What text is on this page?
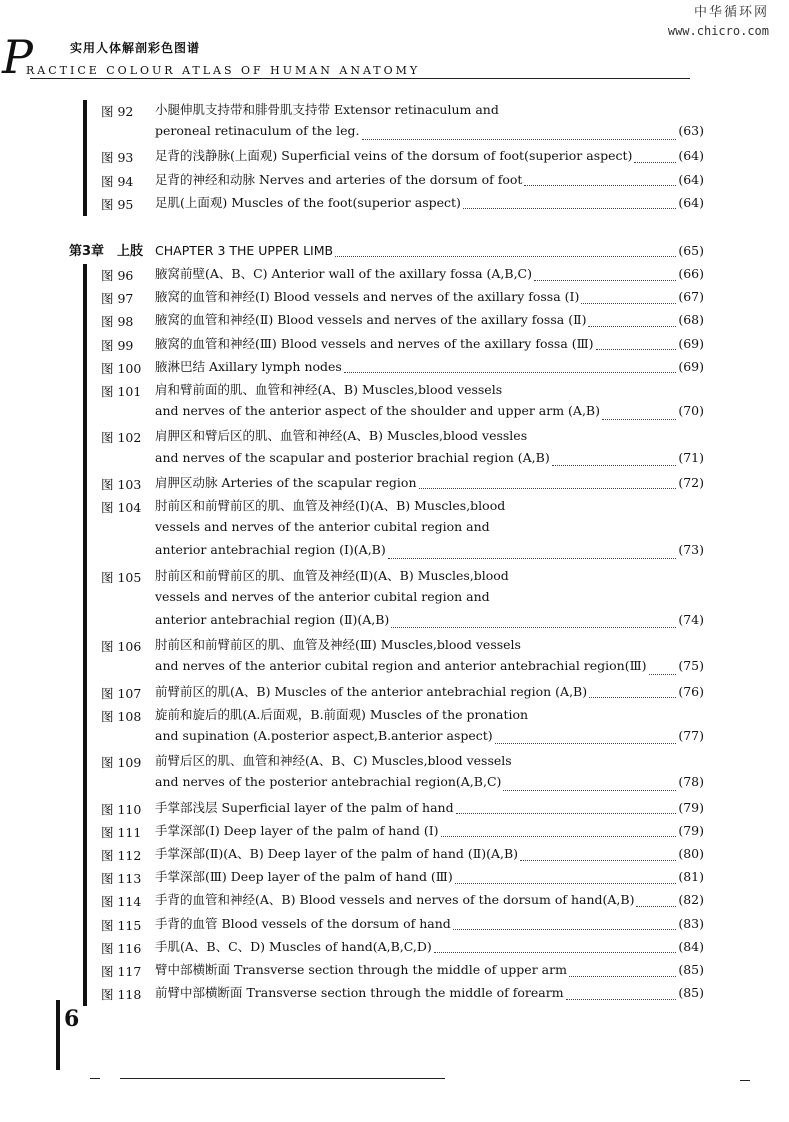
中华循环网
www.chicro.com
P	实用人体解剖彩色图谱
RACTICE COLOUR ATLAS OF HUMAN ANATOMY
图 92	小腿伸肌支持带和腓骨肌支持带 Extensor retinaculum and
peroneal retinaculum of the leg.	(63)
图 93	足背的浅静脉(上面观) Superficial veins of the dorsum of foot(superior aspect)	(64)
图 94	足背的神经和动脉 Nerves and arteries of the dorsum of foot	(64)
图 95	足肌(上面观) Muscles of the foot(superior aspect)	(64)
第3章　上肢 CHAPTER 3 THE UPPER LIMB	(65)
图 96	腋窝前壁(A、B、C) Anterior wall of the axillary fossa (A,B,C)	(66)
图 97	腋窝的血管和神经(Ⅰ) Blood vessels and nerves of the axillary fossa (Ⅰ)	(67)
图 98	腋窝的血管和神经(Ⅱ) Blood vessels and nerves of the axillary fossa (Ⅱ)	(68)
图 99	腋窝的血管和神经(Ⅲ) Blood vessels and nerves of the axillary fossa (Ⅲ)	(69)
图 100	腋淋巴结 Axillary lymph nodes	(69)
图 101	肩和臂前面的肌、血管和神经(A、B) Muscles,blood vessels
and nerves of the anterior aspect of the shoulder and upper arm (A,B)	(70)
图 102	肩胛区和臂后区的肌、血管和神经(A、B) Muscles,blood vessles
and nerves of the scapular and posterior brachial region (A,B)	(71)
图 103	肩胛区动脉 Arteries of the scapular region	(72)
图 104	肘前区和前臂前区的肌、血管及神经(Ⅰ)(A、B) Muscles,blood
vessels and nerves of the anterior cubital region and
anterior antebrachial region (Ⅰ)(A,B)	(73)
图 105	肘前区和前臂前区的肌、血管及神经(Ⅱ)(A、B) Muscles,blood
vessels and nerves of the anterior cubital region and
anterior antebrachial region (Ⅱ)(A,B)	(74)
图 106	肘前区和前臂前区的肌、血管及神经(Ⅲ) Muscles,blood vessels
and nerves of the anterior cubital region and anterior antebrachial region(Ⅲ)	(75)
图 107	前臂前区的肌(A、B) Muscles of the anterior antebrachial region (A,B)	(76)
图 108	旋前和旋后的肌(A.后面观，B.前面观) Muscles of the pronation
and supination (A.posterior aspect,B.anterior aspect)	(77)
图 109	前臂后区的肌、血管和神经(A、B、C) Muscles,blood vessels
and nerves of the posterior antebrachial region(A,B,C)	(78)
图 110	手掌部浅层 Superficial layer of the palm of hand	(79)
图 111	手掌深部(Ⅰ) Deep layer of the palm of hand (Ⅰ)	(79)
图 112	手掌深部(Ⅱ)(A、B) Deep layer of the palm of hand (Ⅱ)(A,B)	(80)
图 113	手掌深部(Ⅲ) Deep layer of the palm of hand (Ⅲ)	(81)
图 114	手背的血管和神经(A、B) Blood vessels and nerves of the dorsum of hand(A,B)	(82)
图 115	手背的血管 Blood vessels of the dorsum of hand	(83)
图 116	手肌(A、B、C、D) Muscles of hand(A,B,C,D)	(84)
图 117	臂中部横断面 Transverse section through the middle of upper arm	(85)
图 118	前臂中部横断面 Transverse section through the middle of forearm	(85)
6
